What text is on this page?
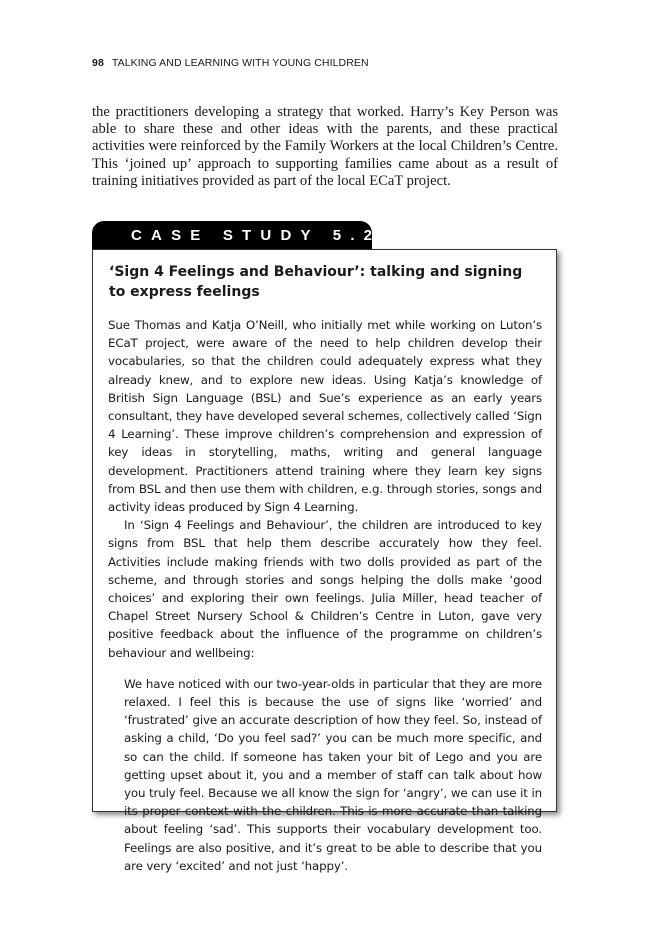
98 TALKING AND LEARNING WITH YOUNG CHILDREN

the practitioners developing a strategy that worked. Harry’s Key Person was able to share these and other ideas with the parents, and these practical activities were reinforced by the Family Workers at the local Children’s Centre. This ‘joined up’ approach to supporting families came about as a result of training initiatives provided as part of the local ECaT project.

CASE STUDY 5.2
‘Sign 4 Feelings and Behaviour’: talking and signing to express feelings

Sue Thomas and Katja O’Neill, who initially met while working on Luton’s ECaT project, were aware of the need to help children develop their vocabularies, so that the children could adequately express what they already knew, and to explore new ideas. Using Katja’s knowledge of British Sign Language (BSL) and Sue’s experience as an early years consultant, they have developed several schemes, collectively called ‘Sign 4 Learning’. These improve children’s comprehension and expression of key ideas in storytelling, maths, writing and general language development. Practitioners attend training where they learn key signs from BSL and then use them with children, e.g. through stories, songs and activity ideas produced by Sign 4 Learning.

In ‘Sign 4 Feelings and Behaviour’, the children are introduced to key signs from BSL that help them describe accurately how they feel. Activities include making friends with two dolls provided as part of the scheme, and through stories and songs helping the dolls make ‘good choices’ and exploring their own feelings. Julia Miller, head teacher of Chapel Street Nursery School & Children’s Centre in Luton, gave very positive feedback about the influence of the programme on children’s behaviour and wellbeing:

We have noticed with our two-year-olds in particular that they are more relaxed. I feel this is because the use of signs like ‘worried’ and ‘frustrated’ give an accurate description of how they feel. So, instead of asking a child, ‘Do you feel sad?’ you can be much more specific, and so can the child. If someone has taken your bit of Lego and you are getting upset about it, you and a member of staff can talk about how you truly feel. Because we all know the sign for ‘angry’, we can use it in its proper context with the children. This is more accurate than talking about feeling ‘sad’. This supports their vocabulary development too. Feelings are also positive, and it’s great to be able to describe that you are very ‘excited’ and not just ‘happy’.
